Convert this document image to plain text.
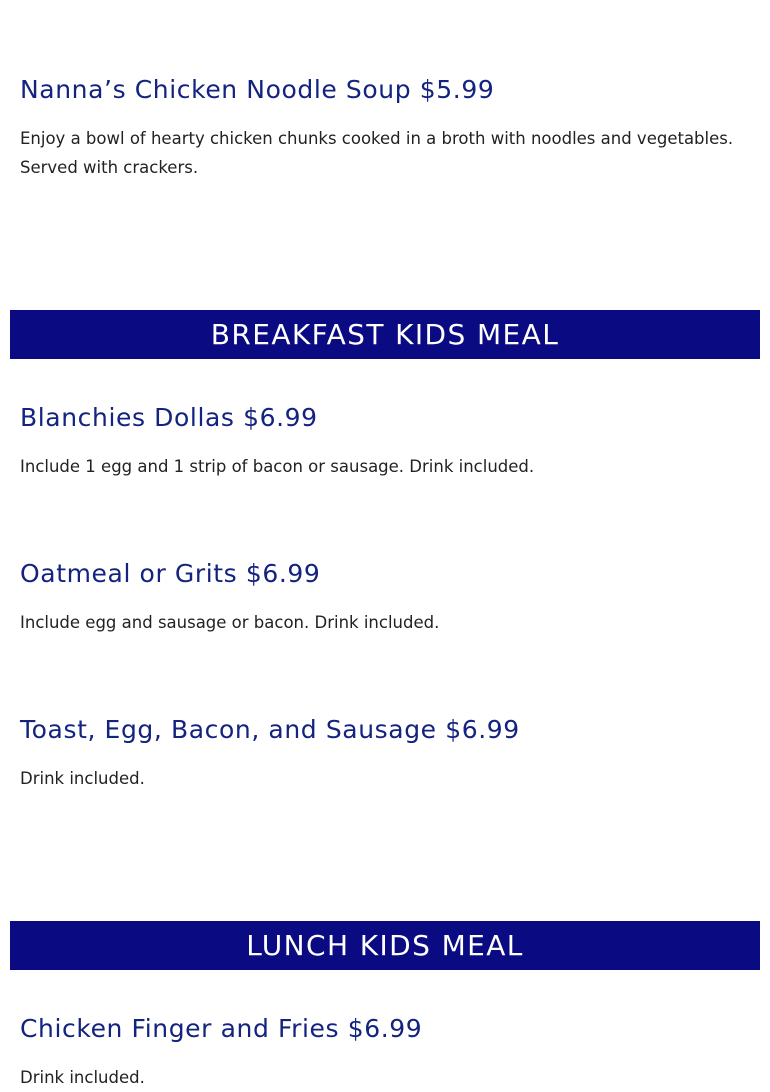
Nanna’s Chicken Noodle Soup $5.99

Enjoy a bowl of hearty chicken chunks cooked in a broth with noodles and vegetables. Served with crackers.

BREAKFAST KIDS MEAL
Blanchies Dollas $6.99

Include 1 egg and 1 strip of bacon or sausage. Drink included.

Oatmeal or Grits $6.99

Include egg and sausage or bacon. Drink included.

Toast, Egg, Bacon, and Sausage $6.99

Drink included.

LUNCH KIDS MEAL
Chicken Finger and Fries $6.99

Drink included.
